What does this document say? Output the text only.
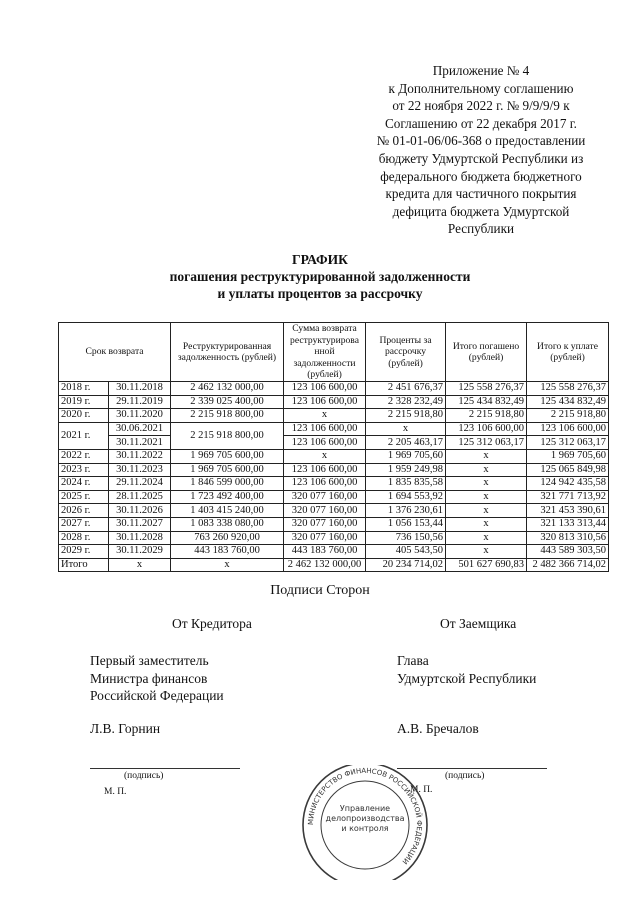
Приложение № 4
к Дополнительному соглашению
от 22 ноября 2022 г. № 9/9/9/9 к
Соглашению от 22 декабря 2017 г.
№ 01-01-06/06-368 о предоставлении
бюджету Удмуртской Республики из
федерального бюджета бюджетного
кредита для частичного покрытия
дефицита бюджета Удмуртской
Республики
ГРАФИК
погашения реструктурированной задолженности
и уплаты процентов за рассрочку
Срок возврата		Реструктурированная задолженность (рублей)	Сумма возврата реструктурирова нной задолженности (рублей)	Проценты за рассрочку (рублей)	Итого погашено (рублей)	Итого к уплате (рублей)
2018 г.	30.11.2018	2 462 132 000,00	123 106 600,00	2 451 676,37	125 558 276,37	125 558 276,37
2019 г.	29.11.2019	2 339 025 400,00	123 106 600,00	2 328 232,49	125 434 832,49	125 434 832,49
2020 г.	30.11.2020	2 215 918 800,00	x	2 215 918,80	2 215 918,80	2 215 918,80
2021 г.	30.06.2021	2 215 918 800,00	123 106 600,00	x	123 106 600,00	123 106 600,00
	30.11.2021		123 106 600,00	2 205 463,17	125 312 063,17	125 312 063,17
2022 г.	30.11.2022	1 969 705 600,00	x	1 969 705,60	x	1 969 705,60
2023 г.	30.11.2023	1 969 705 600,00	123 106 600,00	1 959 249,98	x	125 065 849,98
2024 г.	29.11.2024	1 846 599 000,00	123 106 600,00	1 835 835,58	x	124 942 435,58
2025 г.	28.11.2025	1 723 492 400,00	320 077 160,00	1 694 553,92	x	321 771 713,92
2026 г.	30.11.2026	1 403 415 240,00	320 077 160,00	1 376 230,61	x	321 453 390,61
2027 г.	30.11.2027	1 083 338 080,00	320 077 160,00	1 056 153,44	x	321 133 313,44
2028 г.	30.11.2028	763 260 920,00	320 077 160,00	736 150,56	x	320 813 310,56
2029 г.	30.11.2029	443 183 760,00	443 183 760,00	405 543,50	x	443 589 303,50
Итого	x	x	2 462 132 000,00	20 234 714,02	501 627 690,83	2 482 366 714,02
Подписи Сторон
От Кредитора	От Заемщика
Первый заместитель
Министра финансов
Российской Федерации
Глава
Удмуртской Республики
Л.В. Горнин	А.В. Бречалов
(подпись)
М. П.
(подпись)
М. П.
МИНИСТЕРСТВО ФИНАНСОВ РОССИЙСКОЙ ФЕДЕРАЦИИ
Управление
делопроизводства
и контроля
